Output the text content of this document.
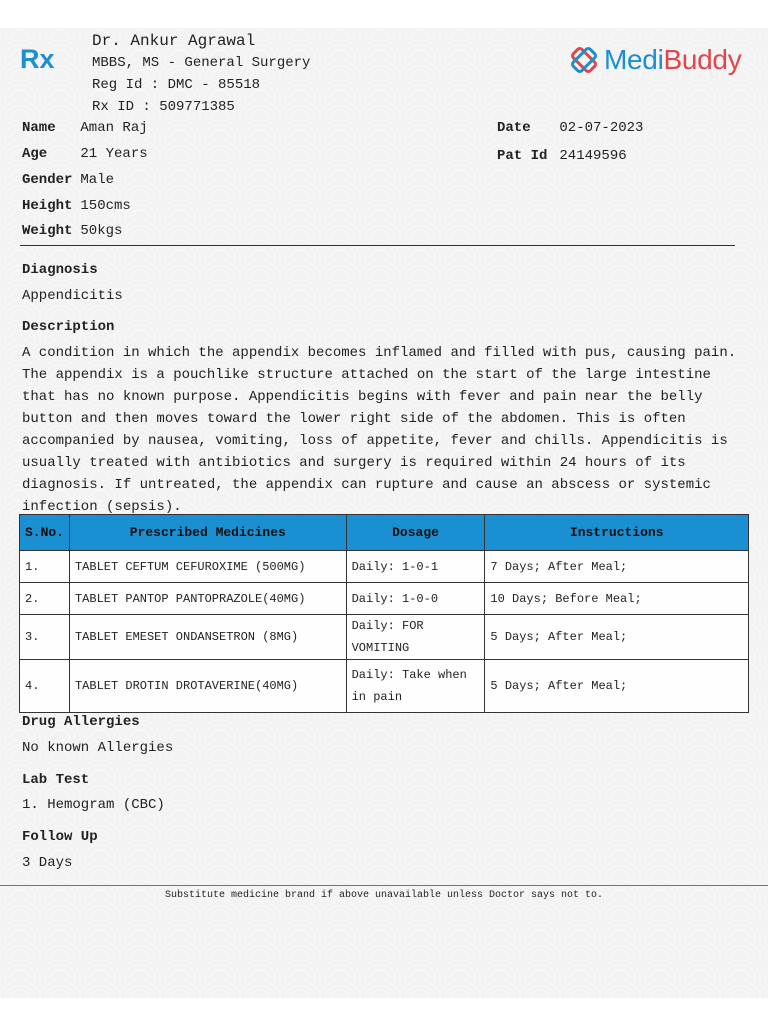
Rx
Dr. Ankur Agrawal
MBBS, MS - General Surgery
Reg Id : DMC - 85518
Rx ID : 509771385
MediBuddy
Name Aman Raj
Age 21 Years
Gender Male
Height 150cms
Weight 50kgs
Date 02-07-2023
Pat Id 24149596
Diagnosis
Appendicitis
Description
A condition in which the appendix becomes inflamed and filled with pus, causing pain. The appendix is a pouchlike structure attached on the start of the large intestine that has no known purpose. Appendicitis begins with fever and pain near the belly button and then moves toward the lower right side of the abdomen. This is often accompanied by nausea, vomiting, loss of appetite, fever and chills. Appendicitis is usually treated with antibiotics and surgery is required within 24 hours of its diagnosis. If untreated, the appendix can rupture and cause an abscess or systemic infection (sepsis).
S.No.	Prescribed Medicines	Dosage	Instructions
1.	TABLET CEFTUM CEFUROXIME (500MG)	Daily: 1-0-1	7 Days; After Meal;
2.	TABLET PANTOP PANTOPRAZOLE(40MG)	Daily: 1-0-0	10 Days; Before Meal;
3.	TABLET EMESET ONDANSETRON (8MG)	Daily: FOR VOMITING	5 Days; After Meal;
4.	TABLET DROTIN DROTAVERINE(40MG)	Daily: Take when in pain	5 Days; After Meal;
Drug Allergies
No known Allergies
Lab Test
1. Hemogram (CBC)
Follow Up
3 Days
Substitute medicine brand if above unavailable unless Doctor says not to.
